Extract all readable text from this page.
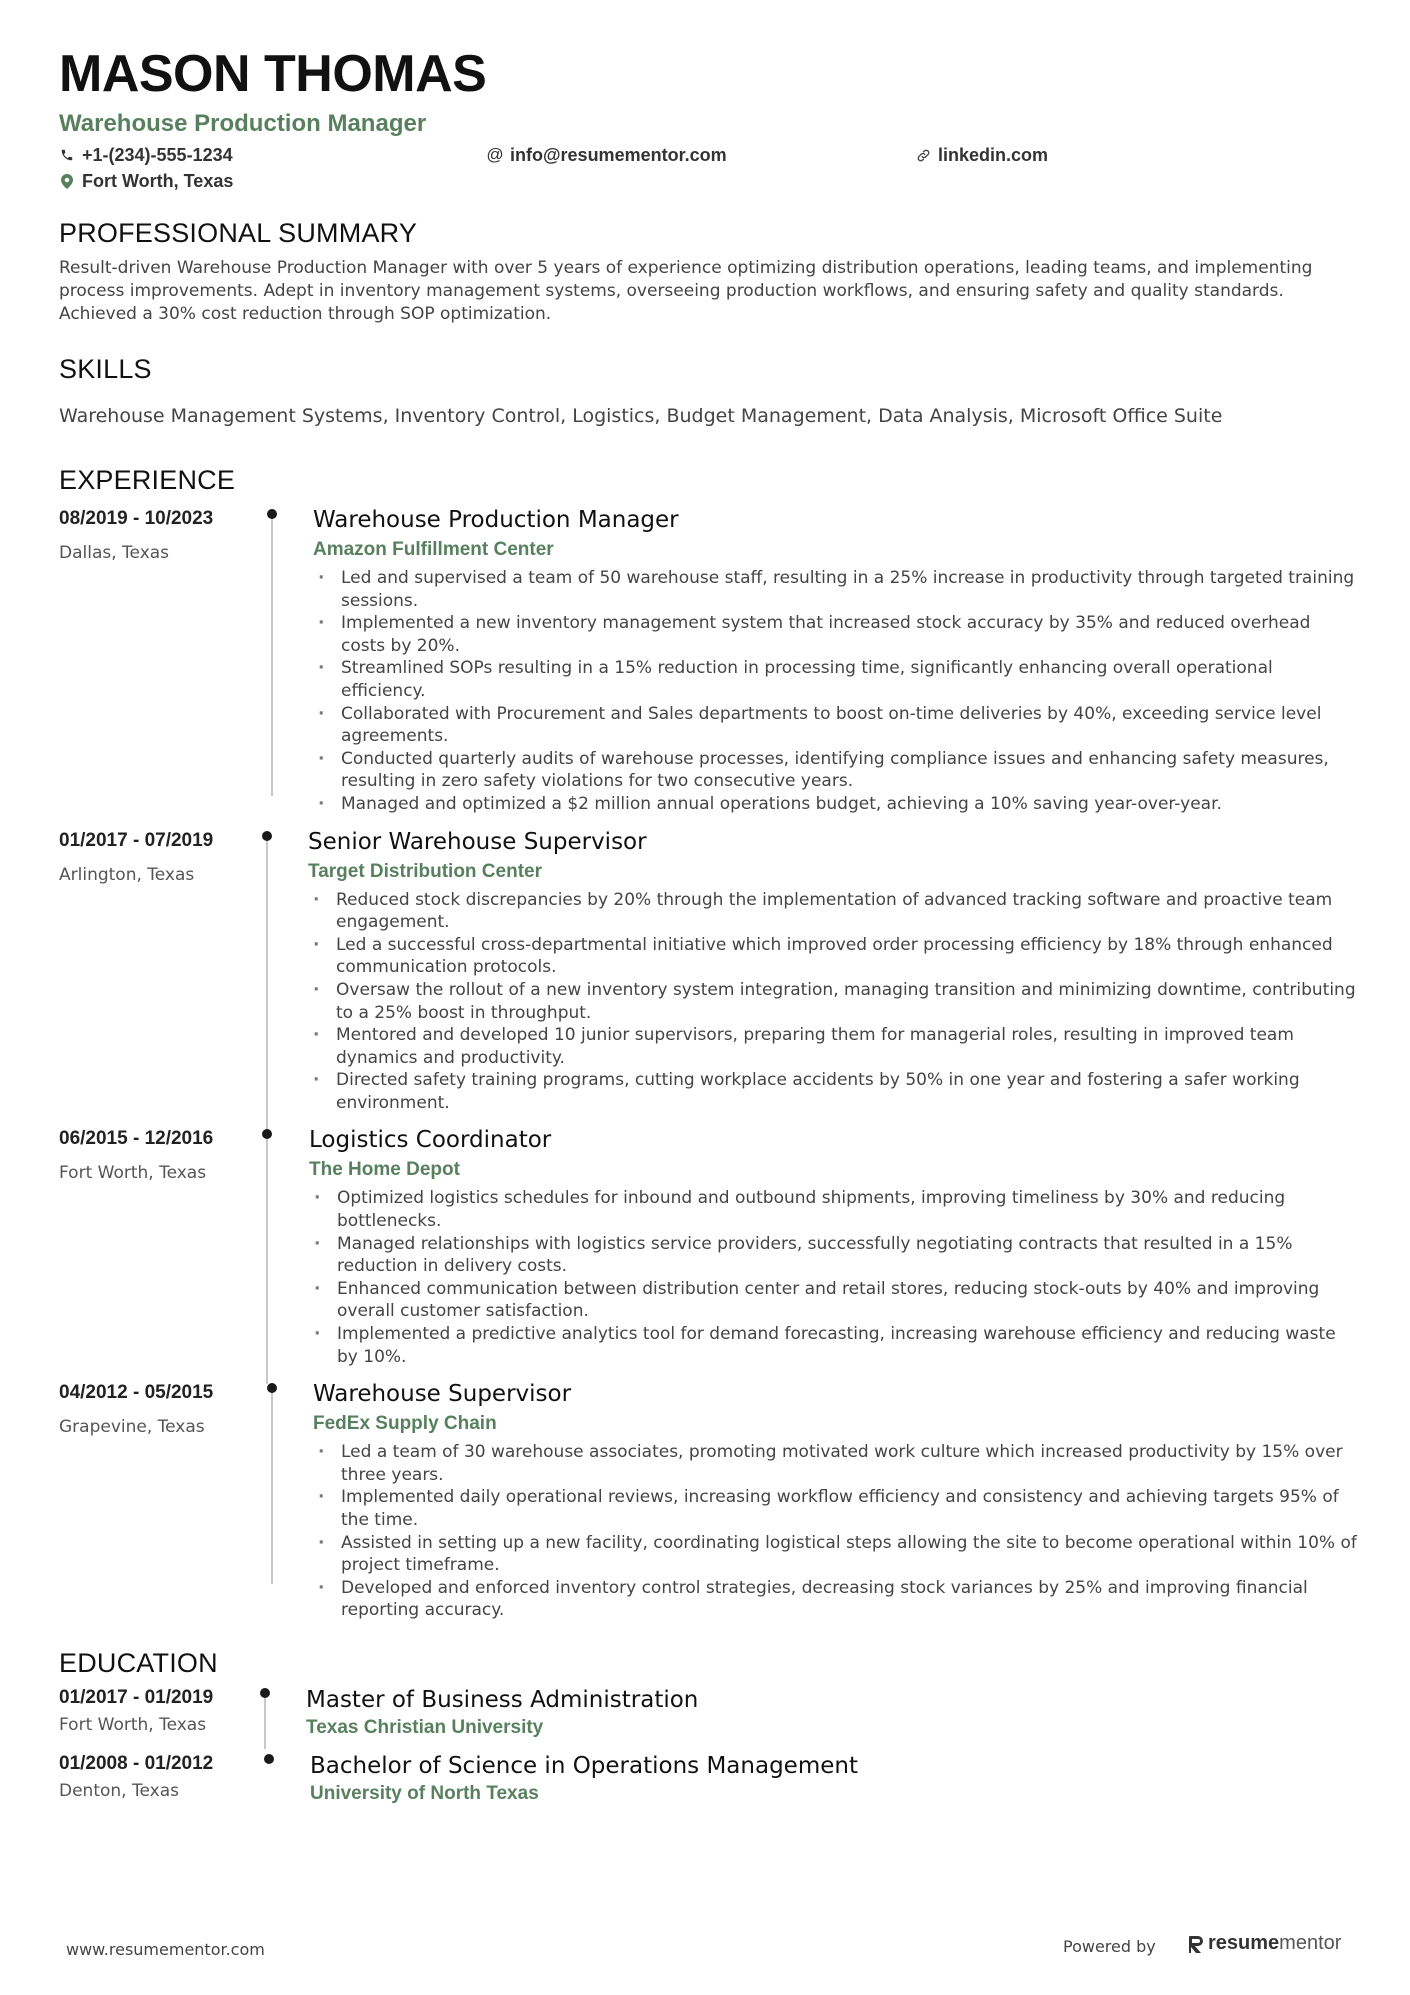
MASON THOMAS
Warehouse Production Manager
+1-(234)-555-1234	@ info@resumementor.com	linkedin.com
Fort Worth, Texas
PROFESSIONAL SUMMARY
Result-driven Warehouse Production Manager with over 5 years of experience optimizing distribution operations, leading teams, and implementing process improvements. Adept in inventory management systems, overseeing production workflows, and ensuring safety and quality standards. Achieved a 30% cost reduction through SOP optimization.
SKILLS
Warehouse Management Systems, Inventory Control, Logistics, Budget Management, Data Analysis, Microsoft Office Suite
EXPERIENCE
08/2019 - 10/2023
Dallas, Texas
Warehouse Production Manager
Amazon Fulfillment Center
· Led and supervised a team of 50 warehouse staff, resulting in a 25% increase in productivity through targeted training sessions.
· Implemented a new inventory management system that increased stock accuracy by 35% and reduced overhead costs by 20%.
· Streamlined SOPs resulting in a 15% reduction in processing time, significantly enhancing overall operational efficiency.
· Collaborated with Procurement and Sales departments to boost on-time deliveries by 40%, exceeding service level agreements.
· Conducted quarterly audits of warehouse processes, identifying compliance issues and enhancing safety measures, resulting in zero safety violations for two consecutive years.
· Managed and optimized a $2 million annual operations budget, achieving a 10% saving year-over-year.
01/2017 - 07/2019
Arlington, Texas
Senior Warehouse Supervisor
Target Distribution Center
· Reduced stock discrepancies by 20% through the implementation of advanced tracking software and proactive team engagement.
· Led a successful cross-departmental initiative which improved order processing efficiency by 18% through enhanced communication protocols.
· Oversaw the rollout of a new inventory system integration, managing transition and minimizing downtime, contributing to a 25% boost in throughput.
· Mentored and developed 10 junior supervisors, preparing them for managerial roles, resulting in improved team dynamics and productivity.
· Directed safety training programs, cutting workplace accidents by 50% in one year and fostering a safer working environment.
06/2015 - 12/2016
Fort Worth, Texas
Logistics Coordinator
The Home Depot
· Optimized logistics schedules for inbound and outbound shipments, improving timeliness by 30% and reducing bottlenecks.
· Managed relationships with logistics service providers, successfully negotiating contracts that resulted in a 15% reduction in delivery costs.
· Enhanced communication between distribution center and retail stores, reducing stock-outs by 40% and improving overall customer satisfaction.
· Implemented a predictive analytics tool for demand forecasting, increasing warehouse efficiency and reducing waste by 10%.
04/2012 - 05/2015
Grapevine, Texas
Warehouse Supervisor
FedEx Supply Chain
· Led a team of 30 warehouse associates, promoting motivated work culture which increased productivity by 15% over three years.
· Implemented daily operational reviews, increasing workflow efficiency and consistency and achieving targets 95% of the time.
· Assisted in setting up a new facility, coordinating logistical steps allowing the site to become operational within 10% of project timeframe.
· Developed and enforced inventory control strategies, decreasing stock variances by 25% and improving financial reporting accuracy.
EDUCATION
01/2017 - 01/2019
Fort Worth, Texas
Master of Business Administration
Texas Christian University
01/2008 - 01/2012
Denton, Texas
Bachelor of Science in Operations Management
University of North Texas
www.resumementor.com	Powered by	resume mentor
